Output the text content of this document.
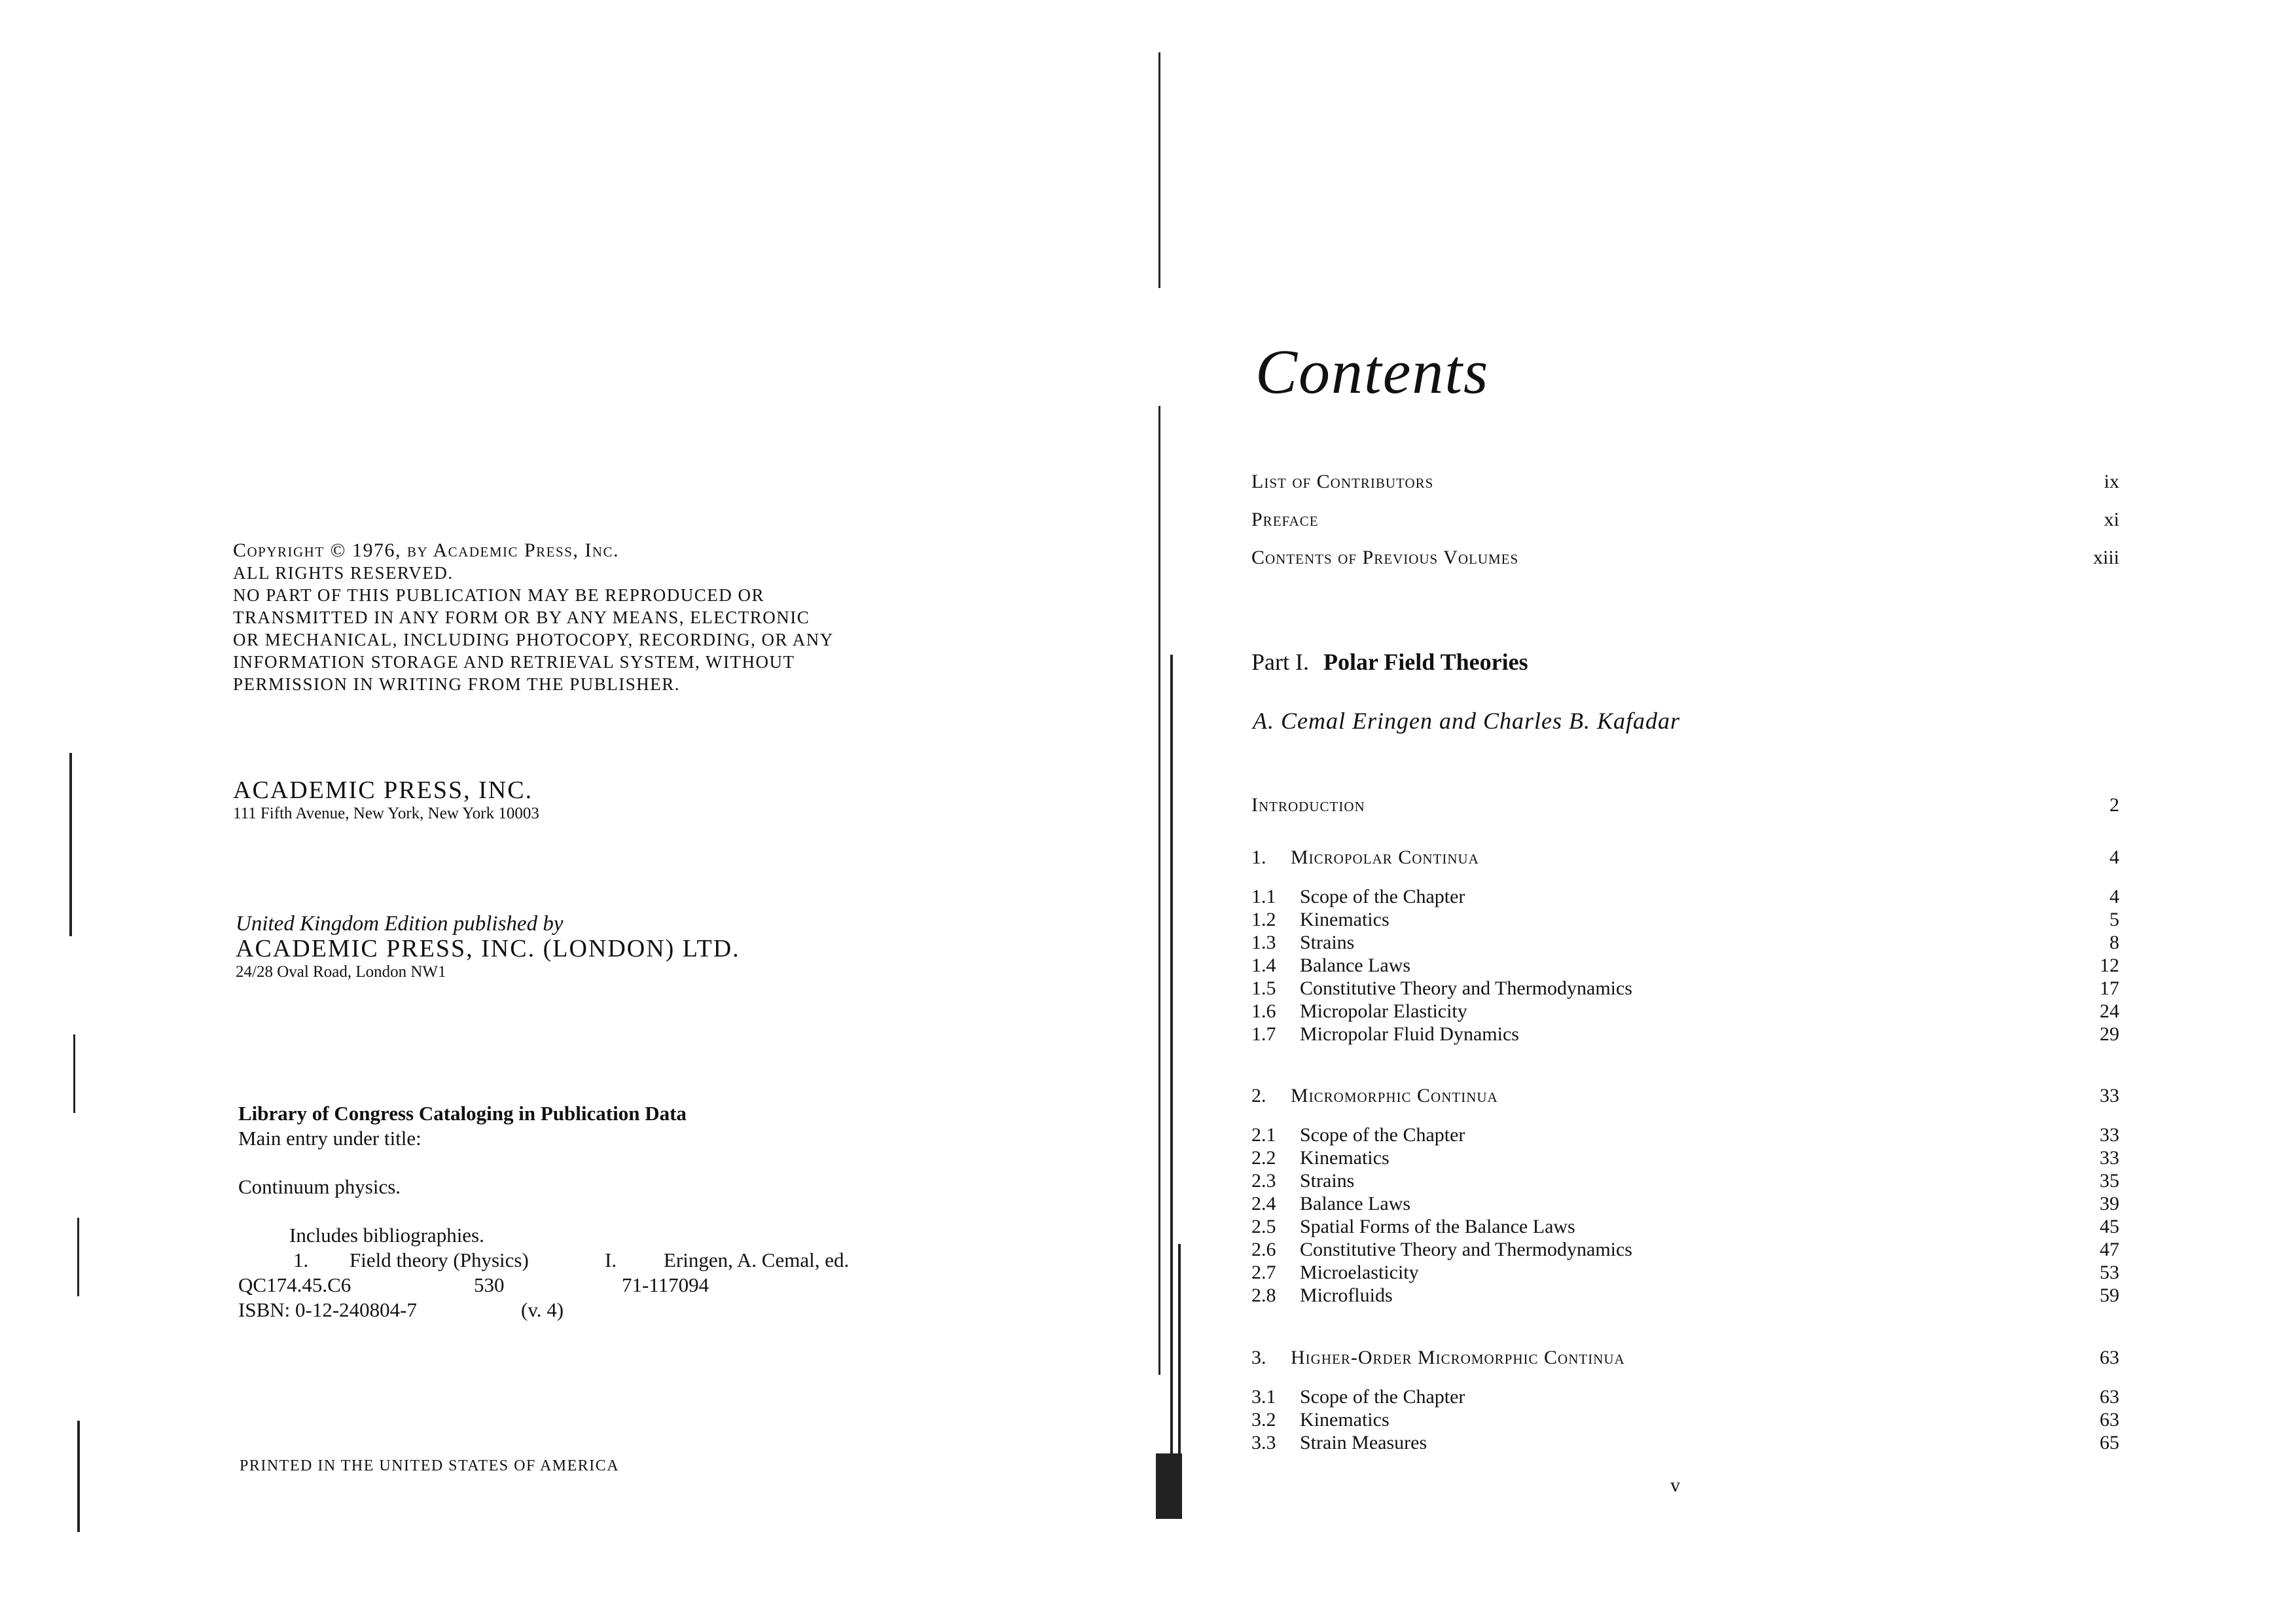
Copyright © 1976, by Academic Press, Inc.
ALL RIGHTS RESERVED.
NO PART OF THIS PUBLICATION MAY BE REPRODUCED OR
TRANSMITTED IN ANY FORM OR BY ANY MEANS, ELECTRONIC
OR MECHANICAL, INCLUDING PHOTOCOPY, RECORDING, OR ANY
INFORMATION STORAGE AND RETRIEVAL SYSTEM, WITHOUT
PERMISSION IN WRITING FROM THE PUBLISHER.
ACADEMIC PRESS, INC.
111 Fifth Avenue, New York, New York 10003
United Kingdom Edition published by
ACADEMIC PRESS, INC. (LONDON) LTD.
24/28 Oval Road, London NW1
Library of Congress Cataloging in Publication Data
Main entry under title:
Continuum physics.
Includes bibliographies.
1. Field theory (Physics)	I. Eringen, A. Cemal, ed.
QC174.45.C6	530	71-117094
ISBN: 0-12-240804-7	(v. 4)
PRINTED IN THE UNITED STATES OF AMERICA
Contents
List of Contributors	ix
Preface	xi
Contents of Previous Volumes	xiii
Part I. Polar Field Theories
A. Cemal Eringen and Charles B. Kafadar
Introduction	2
1. Micropolar Continua	4
1.1 Scope of the Chapter	4
1.2 Kinematics	5
1.3 Strains	8
1.4 Balance Laws	12
1.5 Constitutive Theory and Thermodynamics	17
1.6 Micropolar Elasticity	24
1.7 Micropolar Fluid Dynamics	29
2. Micromorphic Continua	33
2.1 Scope of the Chapter	33
2.2 Kinematics	33
2.3 Strains	35
2.4 Balance Laws	39
2.5 Spatial Forms of the Balance Laws	45
2.6 Constitutive Theory and Thermodynamics	47
2.7 Microelasticity	53
2.8 Microfluids	59
3. Higher-Order Micromorphic Continua	63
3.1 Scope of the Chapter	63
3.2 Kinematics	63
3.3 Strain Measures	65
v
